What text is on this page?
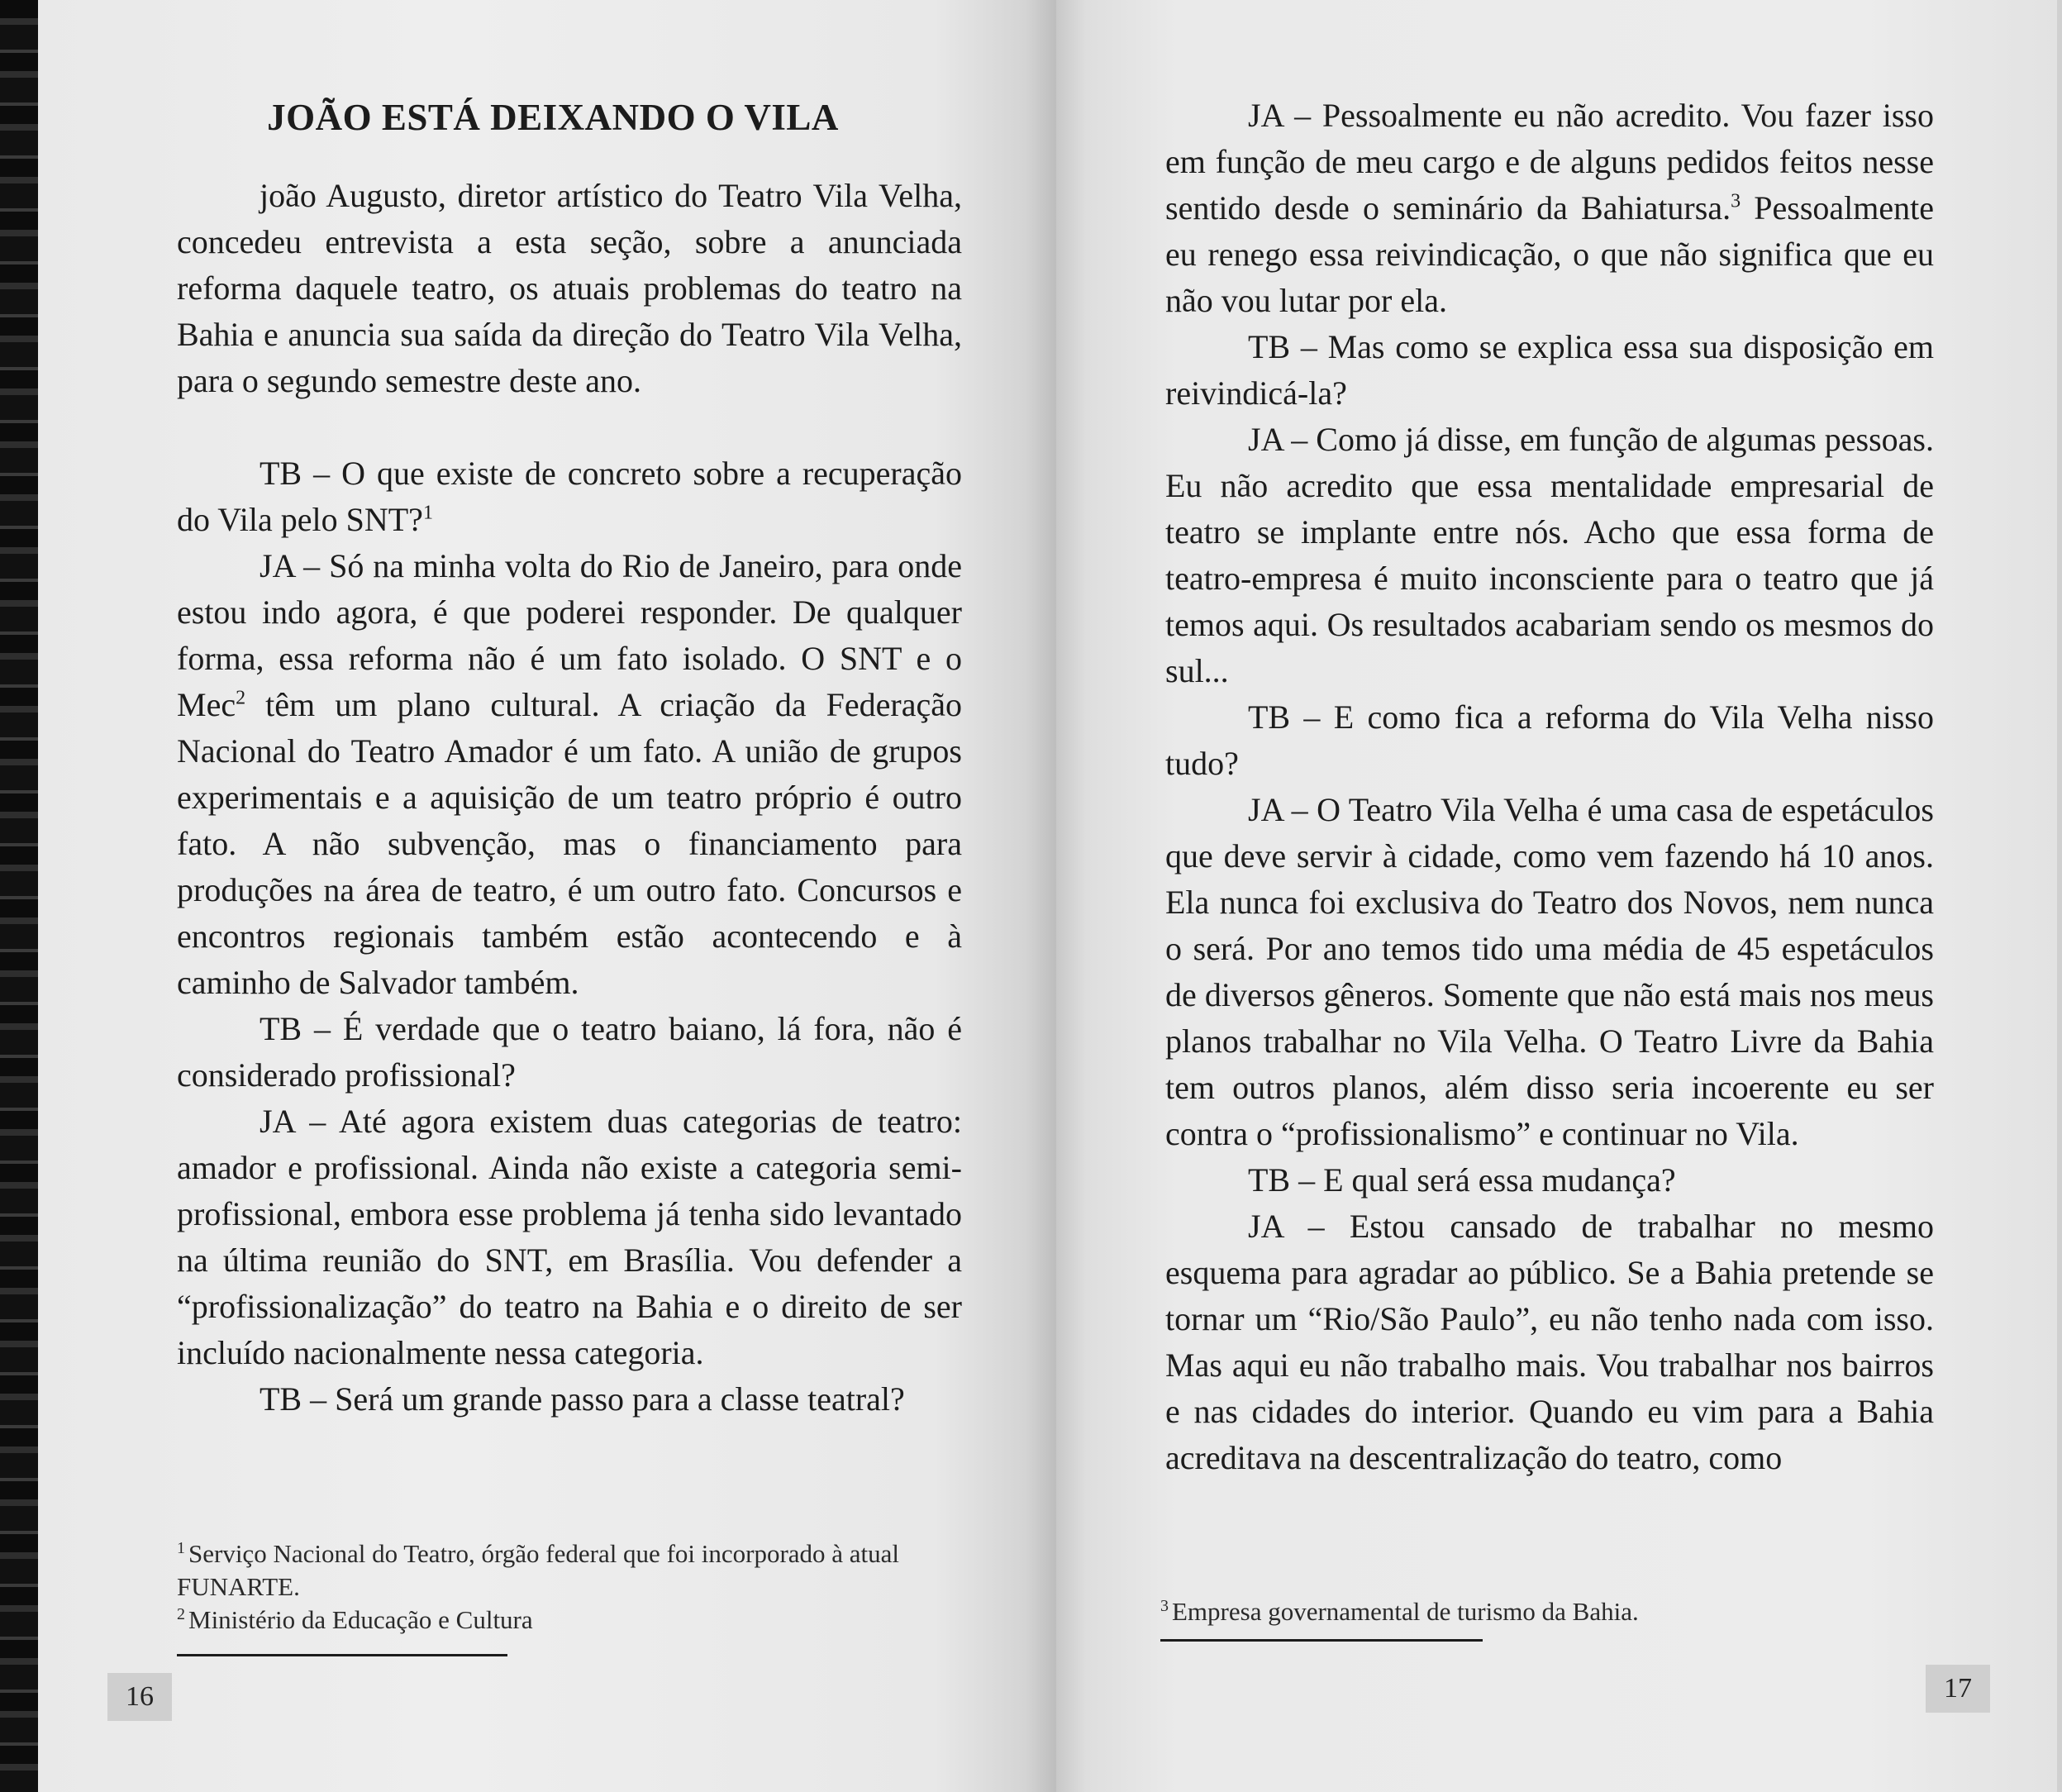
JOÃO ESTÁ DEIXANDO O VILA

joão Augusto, diretor artístico do Teatro Vila Velha, concedeu entrevista a esta seção, sobre a anunciada reforma daquele teatro, os atuais problemas do teatro na Bahia e anuncia sua saída da direção do Teatro Vila Velha, para o segundo semestre deste ano.

TB – O que existe de concreto sobre a recuperação do Vila pelo SNT?$^1$

JA – Só na minha volta do Rio de Janeiro, para onde estou indo agora, é que poderei responder. De qualquer forma, essa reforma não é um fato isolado. O SNT e o Mec$^2$ têm um plano cultural. A criação da Federação Nacional do Teatro Amador é um fato. A união de grupos experimentais e a aquisição de um teatro próprio é outro fato. A não subvenção, mas o financiamento para produções na área de teatro, é um outro fato. Concursos e encontros regionais também estão acontecendo e à caminho de Salvador também.

TB – É verdade que o teatro baiano, lá fora, não é considerado profissional?

JA – Até agora existem duas categorias de teatro: amador e profissional. Ainda não existe a categoria semi-profissional, embora esse problema já tenha sido levantado na última reunião do SNT, em Brasília. Vou defender a “profissionalização” do teatro na Bahia e o direito de ser incluído nacionalmente nessa categoria.

TB – Será um grande passo para a classe teatral?

$^1$ Serviço Nacional do Teatro, órgão federal que foi incorporado à atual FUNARTE.

$^2$ Ministério da Educação e Cultura

16

JA – Pessoalmente eu não acredito. Vou fazer isso em função de meu cargo e de alguns pedidos feitos nesse sentido desde o seminário da Bahiatursa.$^3$ Pessoalmente eu renego essa reivindicação, o que não significa que eu não vou lutar por ela.

TB – Mas como se explica essa sua disposição em reivindicá-la?

JA – Como já disse, em função de algumas pessoas. Eu não acredito que essa mentalidade empresarial de teatro se implante entre nós. Acho que essa forma de teatro-empresa é muito inconsciente para o teatro que já temos aqui. Os resultados acabariam sendo os mesmos do sul...

TB – E como fica a reforma do Vila Velha nisso tudo?

JA – O Teatro Vila Velha é uma casa de espetáculos que deve servir à cidade, como vem fazendo há 10 anos. Ela nunca foi exclusiva do Teatro dos Novos, nem nunca o será. Por ano temos tido uma média de 45 espetáculos de diversos gêneros. Somente que não está mais nos meus planos trabalhar no Vila Velha. O Teatro Livre da Bahia tem outros planos, além disso seria incoerente eu ser contra o “profissionalismo” e continuar no Vila.

TB – E qual será essa mudança?

JA – Estou cansado de trabalhar no mesmo esquema para agradar ao público. Se a Bahia pretende se tornar um “Rio/São Paulo”, eu não tenho nada com isso. Mas aqui eu não trabalho mais. Vou trabalhar nos bairros e nas cidades do interior. Quando eu vim para a Bahia acreditava na descentralização do teatro, como

$^3$ Empresa governamental de turismo da Bahia.

17
